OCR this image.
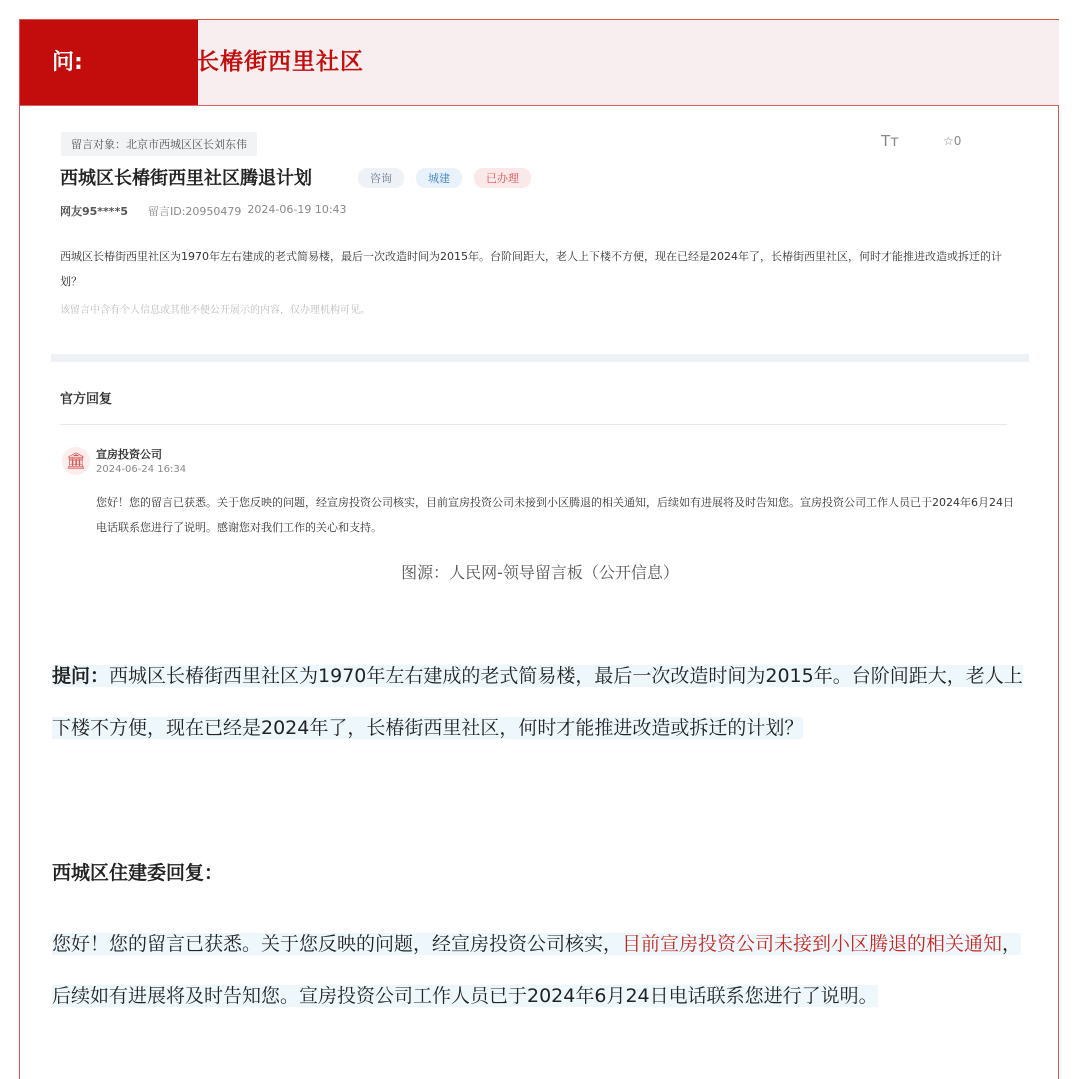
问:	长椿街西里社区
留言对象：北京市西城区区长刘东伟	Tт	☆0
西城区长椿街西里社区腾退计划	咨询	城建	已办理
网友95****5 留言ID:20950479 2024-06-19 10:43
西城区长椿街西里社区为1970年左右建成的老式简易楼，最后一次改造时间为2015年。台阶间距大，老人上下楼不方便，现在已经是2024年了，长椿街西里社区，何时才能推进改造或拆迁的计划？
该留言中含有个人信息或其他不便公开展示的内容，仅办理机构可见。
官方回复
🏛 宣房投资公司
2024-06-24 16:34
您好！您的留言已获悉。关于您反映的问题，经宣房投资公司核实，目前宣房投资公司未接到小区腾退的相关通知，后续如有进展将及时告知您。宣房投资公司工作人员已于2024年6月24日电话联系您进行了说明。感谢您对我们工作的关心和支持。
图源：人民网-领导留言板（公开信息）
提问：西城区长椿街西里社区为1970年左右建成的老式简易楼，最后一次改造时间为2015年。台阶间距大，老人上下楼不方便，现在已经是2024年了，长椿街西里社区，何时才能推进改造或拆迁的计划？
西城区住建委回复：
您好！您的留言已获悉。关于您反映的问题，经宣房投资公司核实，目前宣房投资公司未接到小区腾退的相关通知，后续如有进展将及时告知您。宣房投资公司工作人员已于2024年6月24日电话联系您进行了说明。
